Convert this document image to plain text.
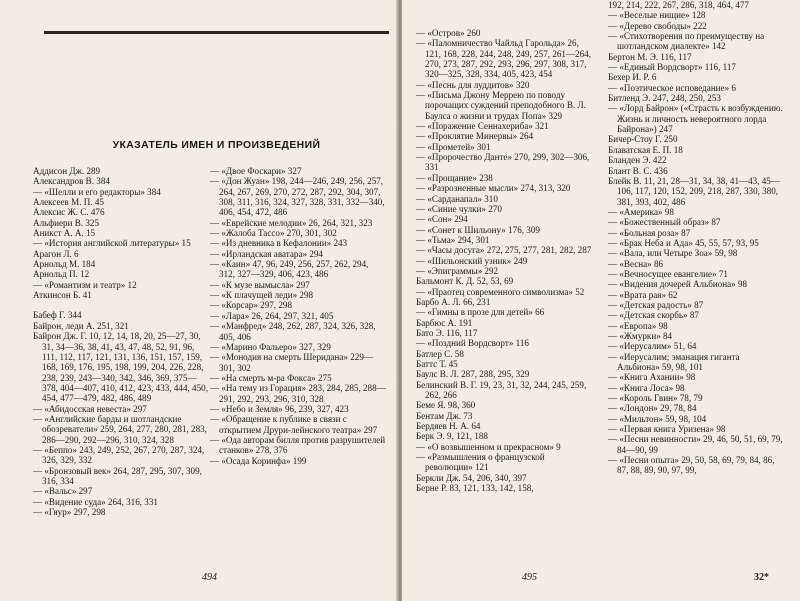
УКАЗАТЕЛЬ ИМЕН И ПРОИЗВЕДЕНИЙ

Аддисон Дж. 289

Александров В. 384

— «Шелли и его редакторы» 384

Алексеев М. П. 45

Алексис Ж. С. 476

Альфиери В. 325

Аникст А. А. 15

— «История английской литературы» 15

Арагон Л. 6

Арнольд М. 184

Арнольд П. 12

— «Романтизм и театр» 12

Аткинсон Б. 41

Бабеф Г. 344

Байрон, леди А. 251, 321

Байрон Дж. Г. 10, 12, 14, 18, 20, 25—27, 30, 31, 34—36, 38, 41, 43, 47, 48, 52, 91, 96, 111, 112, 117, 121, 131, 136, 151, 157, 159, 168, 169, 176, 195, 198, 199, 204, 226, 228, 238, 239, 243—340, 342, 346, 369, 375—378, 404—407, 410, 412, 423, 433, 444, 450, 454, 477—479, 482, 486, 489

— «Абидосская невеста» 297

— «Английские барды и шотландские обозреватели» 259, 264, 277, 280, 281, 283, 286—290, 292—296, 310, 324, 328

— «Беппо» 243, 249, 252, 267, 270, 287, 324, 326, 329, 332

— «Бронзовый век» 264, 287, 295, 307, 309, 316, 334

— «Вальс» 297

— «Видение суда» 264, 316, 331

— «Гяур» 297, 298

— «Двое Фоскари» 327

— «Дон Жуан» 198, 244—246, 249, 256, 257, 264, 267, 269, 270, 272, 287, 292, 304, 307, 308, 311, 316, 324, 327, 328, 331, 332—340, 406, 454, 472, 486

— «Еврейские мелодии» 26, 264, 321, 323

— «Жалоба Тассо» 270, 301, 302

— «Из дневника в Кефалонии» 243

— «Ирландская аватара» 294

— «Каин» 47, 96, 249, 256, 257, 262, 294, 312, 327—329, 406, 423, 486

— «К музе вымысла» 297

— «К плачущей леди» 298

— «Корсар» 297, 298

— «Лара» 26, 264, 297, 321, 405

— «Манфред» 248, 262, 287, 324, 326, 328, 405, 406

— «Марино Фальеро» 327, 329

— «Монодия на смерть Шеридана» 229—301, 302

— «На смерть м-ра Фокса» 275

— «На тему из Горация» 283, 284, 285, 288—291, 292, 293, 296, 310, 328

— «Небо и Земля» 96, 239, 327, 423

— «Обращение к публике в связи с открытием Друри-лейнского театра» 297

— «Ода авторам билля против разрушителей станков» 278, 376

— «Осада Коринфа» 199

494

— «Остров» 260

— «Паломничество Чайльд Гарольда» 26, 121, 168, 228, 244, 248, 249, 257, 261—264, 270, 273, 287, 292, 293, 296, 297, 308, 317, 320—325, 328, 334, 405, 423, 454

— «Песнь для луддитов» 320

— «Письма Джону Меррею по поводу порочащих суждений преподобного В. Л. Баулса о жизни и трудах Попа» 329

— «Поражение Сеннахериба» 321

— «Проклятие Минервы» 264

— «Прометей» 301

— «Пророчество Данте» 270, 299, 302—306, 331

— «Прощание» 238

— «Разрозненные мысли» 274, 313, 320

— «Сарданапал» 310

— «Синие чулки» 270

— «Сон» 294

— «Сонет к Шильону» 176, 309

— «Тьма» 294, 301

— «Часы досуга» 272, 275, 277, 281, 282, 287

— «Шильонский узник» 249

— «Эпиграммы» 292

Бальмонт К. Д. 52, 53, 69

— «Праотец современного символизма» 52

Барбо А. Л. 66, 231

— «Гимны в прозе для детей» 66

Барбюс А. 191

Бато Э. 116, 117

— «Поздний Вордсворт» 116

Батлер С. 58

Баттс Т. 45

Баулс В. Л. 287, 288, 295, 329

Белинский В. Г. 19, 23, 31, 32, 244, 245, 259, 262, 266

Беме Я. 98, 360

Бентам Дж. 73

Бердяев Н. А. 64

Берк Э. 9, 121, 188

— «О возвышенном и прекрасном» 9

— «Размышления о французской революции» 121

Беркли Дж. 54, 206, 340, 397

Берне Р. 83, 121, 133, 142, 158,

192, 214, 222, 267, 286, 318, 464, 477

— «Веселые нищие» 128

— «Дерево свободы» 222

— «Стихотворения по преимуществу на шотландском диалекте» 142

Бертон М. Э. 116, 117

— «Единый Вордсворт» 116, 117

Бехер И. Р. 6

— «Поэтическое исповедание» 6

Битленд Э. 247, 248, 250, 253

— «Лорд Байрон» («Страсть к возбуждению. Жизнь и личность невероятного лорда Байрона») 247

Бичер-Стоу Г. 250

Блаватская Е. П. 18

Бланден Э. 422

Блант В. С. 436

Блейк В. 11, 21, 28—31, 34, 38, 41—43, 45—106, 117, 120, 152, 209, 218, 287, 330, 380, 381, 393, 402, 486

— «Америка» 98

— «Божественный образ» 87

— «Больная роза» 87

— «Брак Неба и Ада» 45, 55, 57, 93, 95

— «Вала, или Четыре Зоа» 59, 98

— «Весна» 86

— «Вечносущее евангелие» 71

— «Видения дочерей Альбиона» 98

— «Врата рая» 62

— «Детская радость» 87

— «Детская скорбь» 87

— «Европа» 98

— «Жмурки» 84

— «Иерусалим» 51, 64

— «Иерусалим; эманация гиганта Альбиона» 59, 98, 101

— «Книга Ахании» 98

— «Книга Лоса» 98

— «Король Гвин» 78, 79

— «Лондон» 29, 78, 84

— «Мильтон» 59, 98, 104

— «Первая книга Уризена» 98

— «Песни невинности» 29, 46, 50, 51, 69, 79, 84—90, 99

— «Песни опыта» 29, 50, 58, 69, 79, 84, 86, 87, 88, 89, 90, 97, 99,

495	32*
